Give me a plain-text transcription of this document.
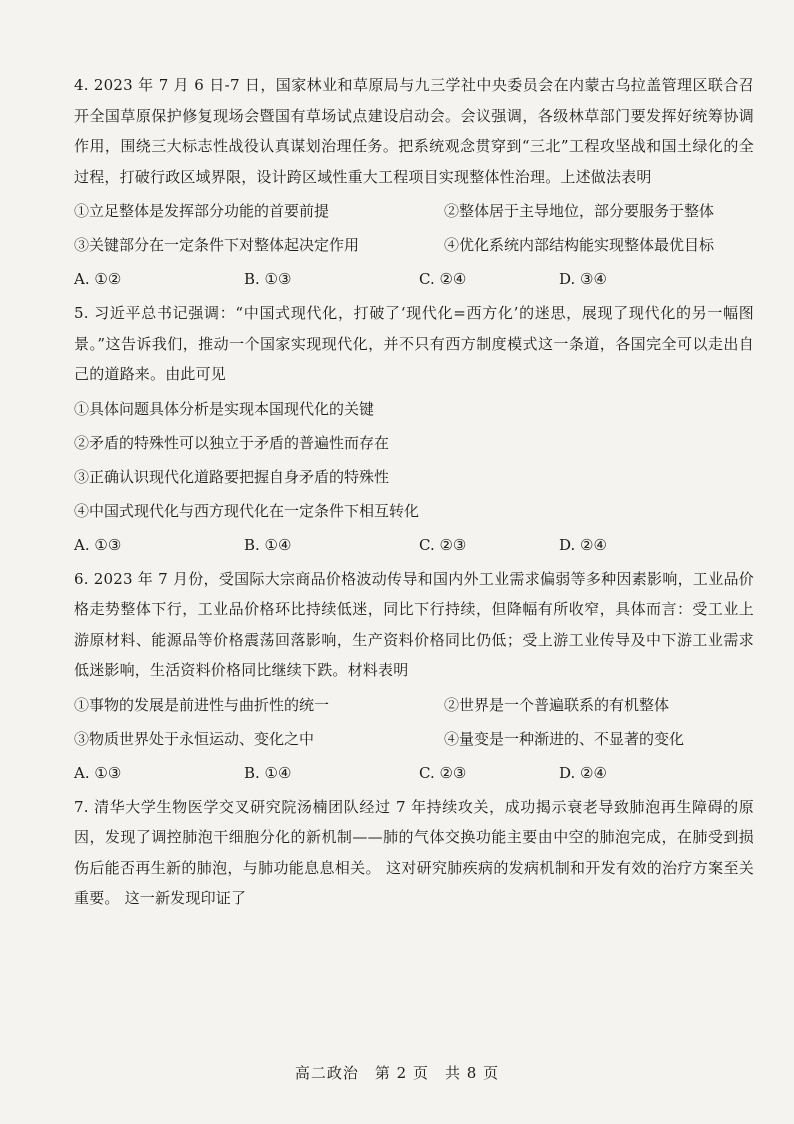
4. 2023 年 7 月 6 日-7 日，国家林业和草原局与九三学社中央委员会在内蒙古乌拉盖管理区联合召开全国草原保护修复现场会暨国有草场试点建设启动会。会议强调，各级林草部门要发挥好统筹协调作用，围绕三大标志性战役认真谋划治理任务。把系统观念贯穿到“三北”工程攻坚战和国土绿化的全过程，打破行政区域界限，设计跨区域性重大工程项目实现整体性治理。上述做法表明

①立足整体是发挥部分功能的首要前提	②整体居于主导地位，部分要服务于整体
③关键部分在一定条件下对整体起决定作用	④优化系统内部结构能实现整体最优目标
A. ①②	B. ①③	C. ②④	D. ③④

5. 习近平总书记强调：“中国式现代化，打破了‘现代化=西方化’的迷思，展现了现代化的另一幅图景。”这告诉我们，推动一个国家实现现代化，并不只有西方制度模式这一条道，各国完全可以走出自己的道路来。由此可见

①具体问题具体分析是实现本国现代化的关键
②矛盾的特殊性可以独立于矛盾的普遍性而存在
③正确认识现代化道路要把握自身矛盾的特殊性
④中国式现代化与西方现代化在一定条件下相互转化
A. ①③	B. ①④	C. ②③	D. ②④

6. 2023 年 7 月份，受国际大宗商品价格波动传导和国内外工业需求偏弱等多种因素影响，工业品价格走势整体下行，工业品价格环比持续低迷，同比下行持续，但降幅有所收窄，具体而言：受工业上游原材料、能源品等价格震荡回落影响，生产资料价格同比仍低；受上游工业传导及中下游工业需求低迷影响，生活资料价格同比继续下跌。材料表明

①事物的发展是前进性与曲折性的统一	②世界是一个普遍联系的有机整体
③物质世界处于永恒运动、变化之中	④量变是一种渐进的、不显著的变化
A. ①③	B. ①④	C. ②③	D. ②④

7. 清华大学生物医学交叉研究院汤楠团队经过 7 年持续攻关，成功揭示衰老导致肺泡再生障碍的原因，发现了调控肺泡干细胞分化的新机制——肺的气体交换功能主要由中空的肺泡完成，在肺受到损伤后能否再生新的肺泡，与肺功能息息相关。 这对研究肺疾病的发病机制和开发有效的治疗方案至关重要。 这一新发现印证了

高二政治　第 2 页　共 8 页
